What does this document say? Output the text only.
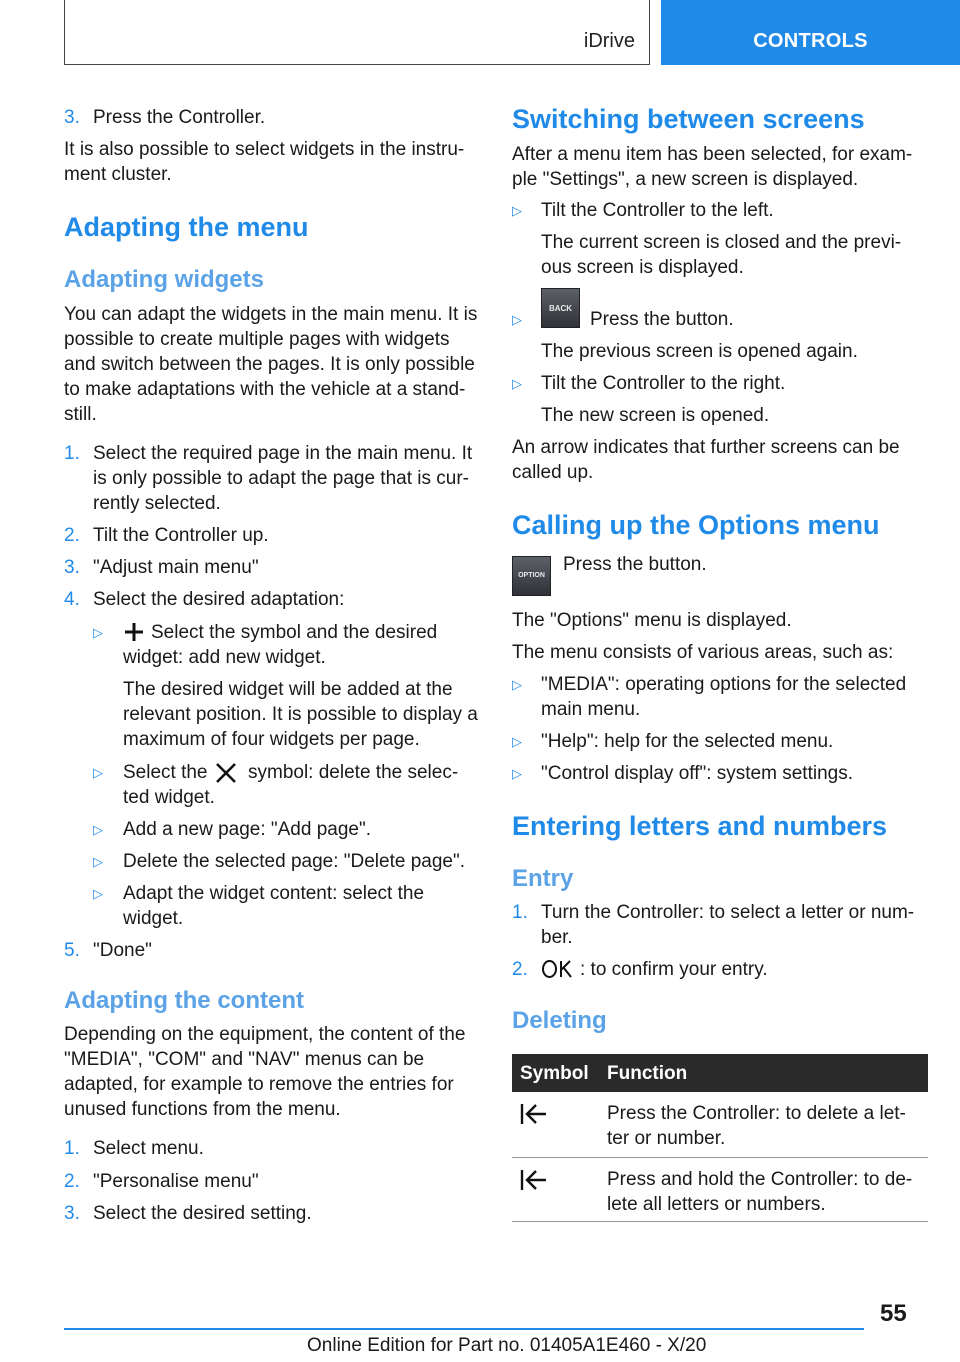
iDrive	CONTROLS
3. Press the Controller.
It is also possible to select widgets in the instru‐
ment cluster.
Adapting the menu
Adapting widgets
You can adapt the widgets in the main menu. It is
possible to create multiple pages with widgets
and switch between the pages. It is only possible
to make adaptations with the vehicle at a stand‐
still.
1. Select the required page in the main menu. It
is only possible to adapt the page that is cur‐
rently selected.
2. Tilt the Controller up.
3. "Adjust main menu"
4. Select the desired adaptation:
▷	Select the symbol and the desired
widget: add new widget.
The desired widget will be added at the
relevant position. It is possible to display a
maximum of four widgets per page.
▷ Select the symbol: delete the selec‐
ted widget.
▷ Add a new page: "Add page".
▷ Delete the selected page: "Delete page".
▷ Adapt the widget content: select the
widget.
5. "Done"
Adapting the content
Depending on the equipment, the content of the
"MEDIA", "COM" and "NAV" menus can be
adapted, for example to remove the entries for
unused functions from the menu.
1. Select menu.
2. "Personalise menu"
3. Select the desired setting.
Switching between screens
After a menu item has been selected, for exam‐
ple "Settings", a new screen is displayed.
▷ Tilt the Controller to the left.
The current screen is closed and the previ‐
ous screen is displayed.
▷
BACK
Press the button.
The previous screen is opened again.
▷ Tilt the Controller to the right.
The new screen is opened.
An arrow indicates that further screens can be
called up.
Calling up the Options menu
OPTION
Press the button.
The "Options" menu is displayed.
The menu consists of various areas, such as:
▷ "MEDIA": operating options for the selected
main menu.
▷ "Help": help for the selected menu.
▷ "Control display off": system settings.
Entering letters and numbers
Entry
1. Turn the Controller: to select a letter or num‐
ber.
2.	: to confirm your entry.
Deleting
Symbol Function
Press the Controller: to delete a let‐
ter or number.
Press and hold the Controller: to de‐
lete all letters or numbers.
55
Online Edition for Part no. 01405A1E460 - X/20
